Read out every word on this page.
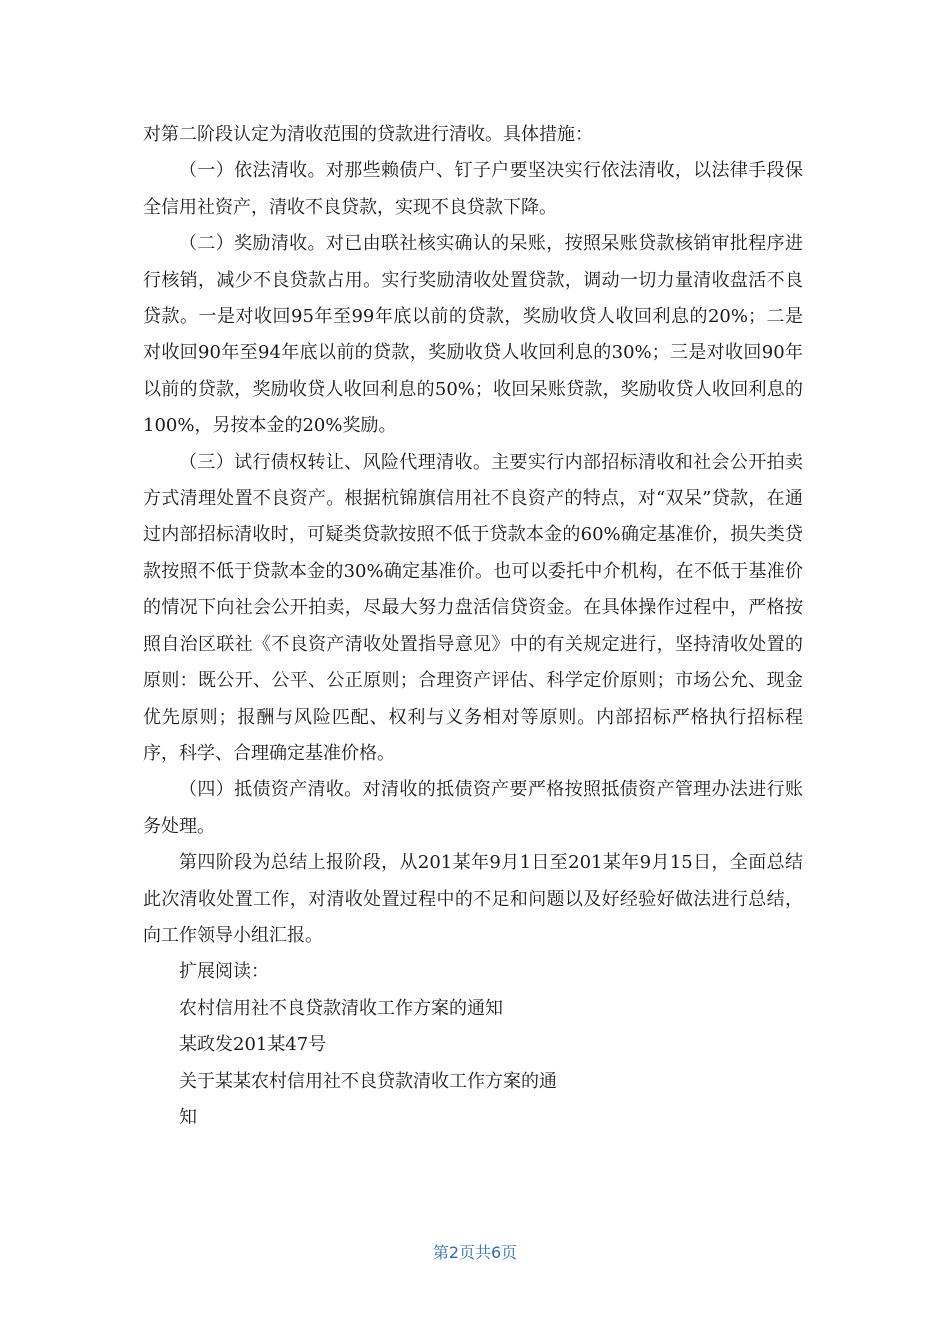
对第二阶段认定为清收范围的贷款进行清收。具体措施：

（一）依法清收。对那些赖债户、钉子户要坚决实行依法清收，以法律手段保全信用社资产，清收不良贷款，实现不良贷款下降。

（二）奖励清收。对已由联社核实确认的呆账，按照呆账贷款核销审批程序进行核销，减少不良贷款占用。实行奖励清收处置贷款，调动一切力量清收盘活不良贷款。一是对收回95年至99年底以前的贷款，奖励收贷人收回利息的20%；二是对收回90年至94年底以前的贷款，奖励收贷人收回利息的30%；三是对收回90年以前的贷款，奖励收贷人收回利息的50%；收回呆账贷款，奖励收贷人收回利息的100%，另按本金的20%奖励。

（三）试行债权转让、风险代理清收。主要实行内部招标清收和社会公开拍卖方式清理处置不良资产。根据杭锦旗信用社不良资产的特点，对“双呆”贷款，在通过内部招标清收时，可疑类贷款按照不低于贷款本金的60%确定基准价，损失类贷款按照不低于贷款本金的30%确定基准价。也可以委托中介机构，在不低于基准价的情况下向社会公开拍卖，尽最大努力盘活信贷资金。在具体操作过程中，严格按照自治区联社《不良资产清收处置指导意见》中的有关规定进行，坚持清收处置的原则：既公开、公平、公正原则；合理资产评估、科学定价原则；市场公允、现金优先原则；报酬与风险匹配、权利与义务相对等原则。内部招标严格执行招标程序，科学、合理确定基准价格。

（四）抵债资产清收。对清收的抵债资产要严格按照抵债资产管理办法进行账务处理。

第四阶段为总结上报阶段，从201某年9月1日至201某年9月15日，全面总结此次清收处置工作，对清收处置过程中的不足和问题以及好经验好做法进行总结，向工作领导小组汇报。

扩展阅读：

农村信用社不良贷款清收工作方案的通知

某政发201某47号

关于某某农村信用社不良贷款清收工作方案的通

知

第2页共6页
